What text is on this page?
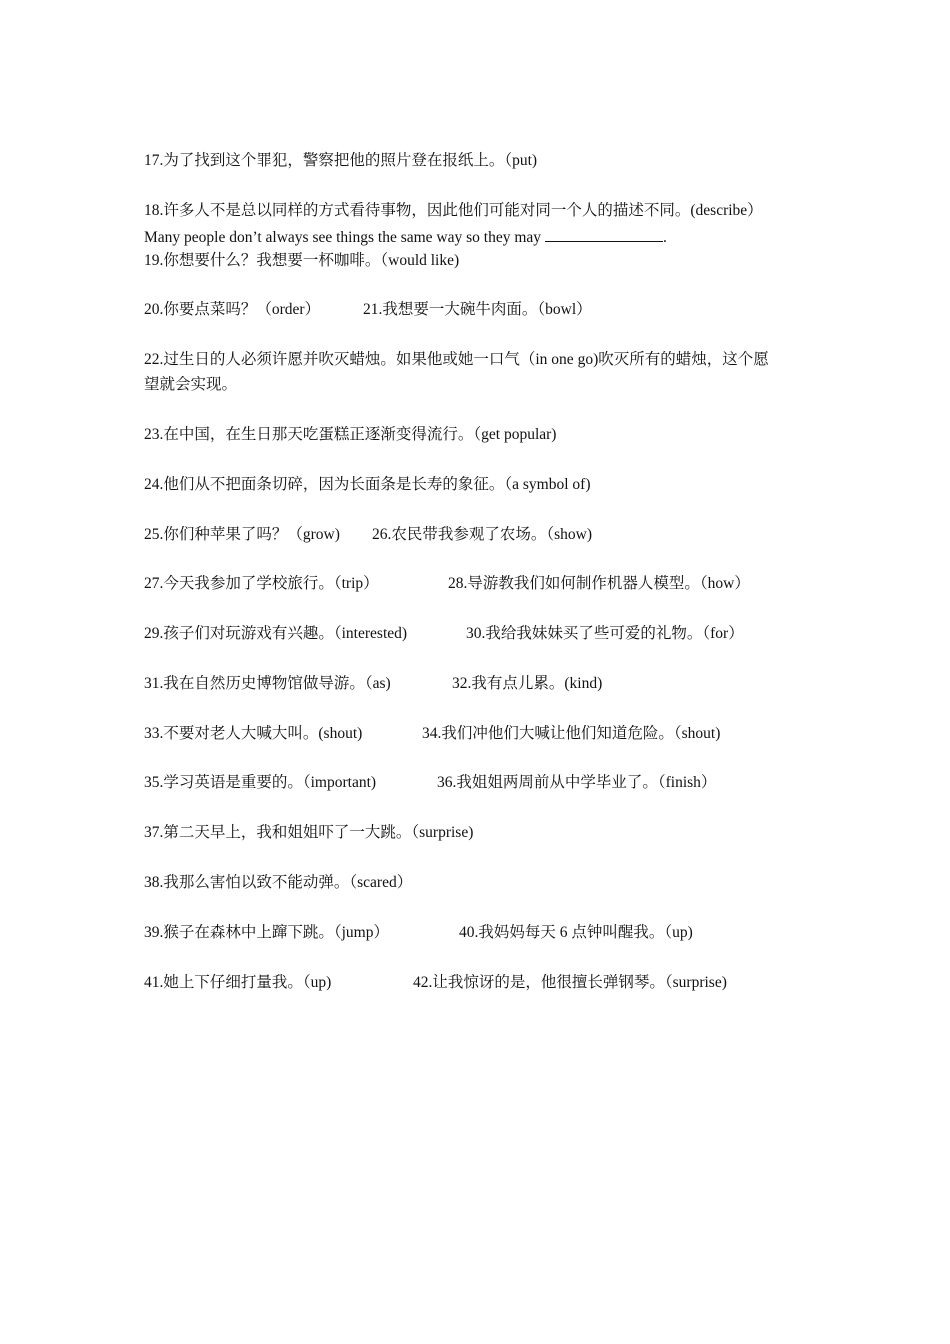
17.为了找到这个罪犯，警察把他的照片登在报纸上。（put)
18.许多人不是总以同样的方式看待事物，因此他们可能对同一个人的描述不同。(describe）
Many people don’t always see things the same way so they may	.
19.你想要什么？我想要一杯咖啡。（would like)
20.你要点菜吗？（order）	21.我想要一大碗牛肉面。（bowl）
22.过生日的人必须许愿并吹灭蜡烛。如果他或她一口气（in one go)吹灭所有的蜡烛，这个愿
望就会实现。
23.在中国，在生日那天吃蛋糕正逐渐变得流行。（get popular)
24.他们从不把面条切碎，因为长面条是长寿的象征。（a symbol of)
25.你们种苹果了吗？（grow) 26.农民带我参观了农场。（show)
27.今天我参加了学校旅行。（trip）	28.导游教我们如何制作机器人模型。（how）
29.孩子们对玩游戏有兴趣。（interested)	30.我给我妹妹买了些可爱的礼物。（for）
31.我在自然历史博物馆做导游。（as)	32.我有点儿累。(kind)
33.不要对老人大喊大叫。(shout)	34.我们冲他们大喊让他们知道危险。（shout)
35.学习英语是重要的。（important)	36.我姐姐两周前从中学毕业了。（finish）
37.第二天早上，我和姐姐吓了一大跳。（surprise)
38.我那么害怕以致不能动弹。（scared）
39.猴子在森林中上蹿下跳。（jump）	40.我妈妈每天 6 点钟叫醒我。（up)
41.她上下仔细打量我。（up)	42.让我惊讶的是，他很擅长弹钢琴。（surprise)
